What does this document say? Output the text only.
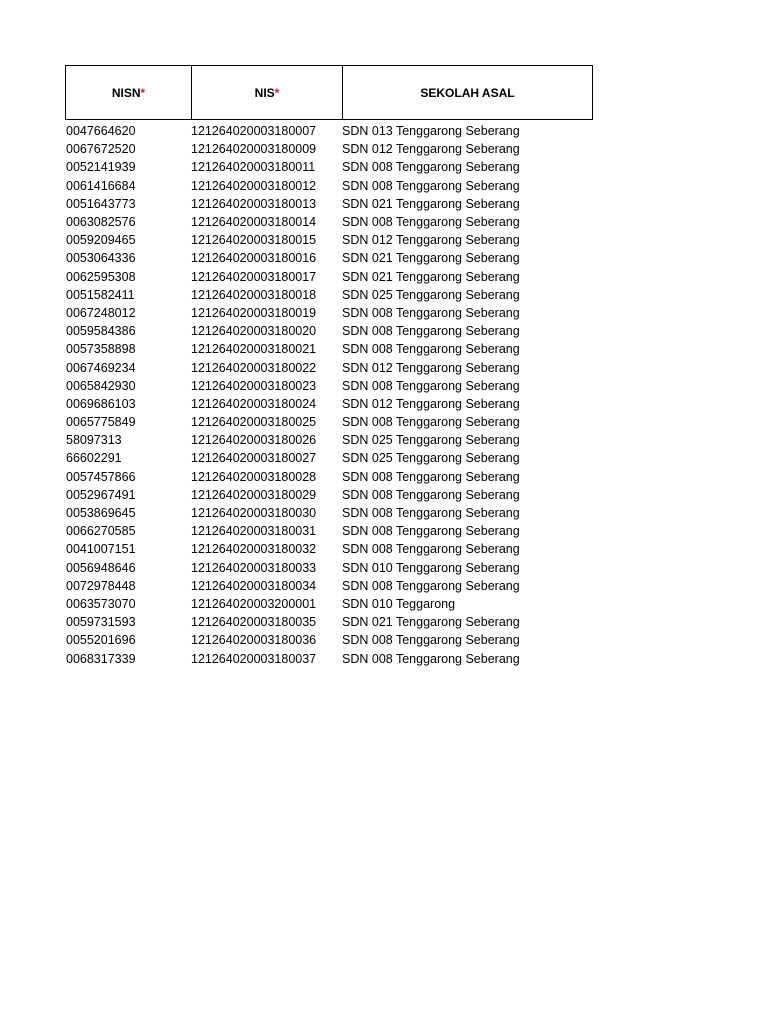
NISN *	NIS *	SEKOLAH ASAL
0047664620	121264020003180007	SDN 013 Tenggarong Seberang
0067672520	121264020003180009	SDN 012 Tenggarong Seberang
0052141939	121264020003180011	SDN 008 Tenggarong Seberang
0061416684	121264020003180012	SDN 008 Tenggarong Seberang
0051643773	121264020003180013	SDN 021 Tenggarong Seberang
0063082576	121264020003180014	SDN 008 Tenggarong Seberang
0059209465	121264020003180015	SDN 012 Tenggarong Seberang
0053064336	121264020003180016	SDN 021 Tenggarong Seberang
0062595308	121264020003180017	SDN 021 Tenggarong Seberang
0051582411	121264020003180018	SDN 025 Tenggarong Seberang
0067248012	121264020003180019	SDN 008 Tenggarong Seberang
0059584386	121264020003180020	SDN 008 Tenggarong Seberang
0057358898	121264020003180021	SDN 008 Tenggarong Seberang
0067469234	121264020003180022	SDN 012 Tenggarong Seberang
0065842930	121264020003180023	SDN 008 Tenggarong Seberang
0069686103	121264020003180024	SDN 012 Tenggarong Seberang
0065775849	121264020003180025	SDN 008 Tenggarong Seberang
58097313	121264020003180026	SDN 025 Tenggarong Seberang
66602291	121264020003180027	SDN 025 Tenggarong Seberang
0057457866	121264020003180028	SDN 008 Tenggarong Seberang
0052967491	121264020003180029	SDN 008 Tenggarong Seberang
0053869645	121264020003180030	SDN 008 Tenggarong Seberang
0066270585	121264020003180031	SDN 008 Tenggarong Seberang
0041007151	121264020003180032	SDN 008 Tenggarong Seberang
0056948646	121264020003180033	SDN 010 Tenggarong Seberang
0072978448	121264020003180034	SDN 008 Tenggarong Seberang
0063573070	121264020003200001	SDN 010 Teggarong
0059731593	121264020003180035	SDN 021 Tenggarong Seberang
0055201696	121264020003180036	SDN 008 Tenggarong Seberang
0068317339	121264020003180037	SDN 008 Tenggarong Seberang
